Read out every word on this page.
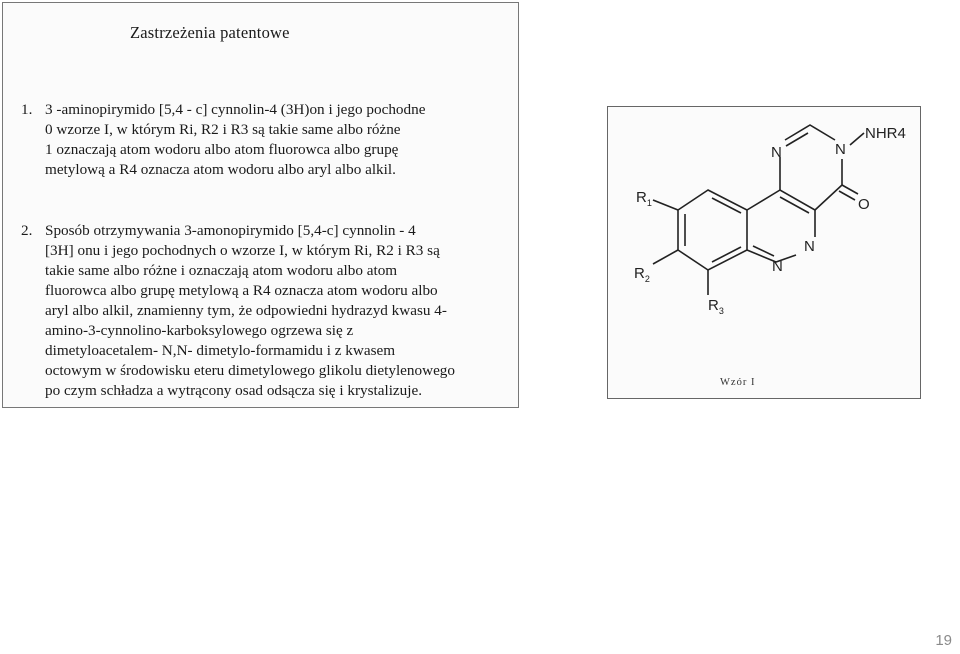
Zastrzeżenia patentowe
1. 3 -aminopirymido [5,4 - c] cynnolin-4 (3H)on i jego pochodne
0 wzorze I, w którym Ri, R2 i R3 są takie same albo różne
1 oznaczają atom wodoru albo atom fluorowca albo grupę
metylową a R4 oznacza atom wodoru albo aryl albo alkil.
2. Sposób otrzymywania 3-amonopirymido [5,4-c] cynnolin - 4
[3H] onu i jego pochodnych o wzorze I, w którym Ri, R2 i R3 są
takie same albo różne i oznaczają atom wodoru albo atom
fluorowca albo grupę metylową a R4 oznacza atom wodoru albo
aryl albo alkil, znamienny tym, że odpowiedni hydrazyd kwasu 4-
amino-3-cynnolino-karboksylowego ogrzewa się z
dimetyloacetalem- N,N- dimetylo-formamidu i z kwasem
octowym w środowisku eteru dimetylowego glikolu dietylenowego
po czym schładza a wytrącony osad odsącza się i krystalizuje.
N	N
NHR4
O
N
N
$R_1$
$R_2$
$R_3$
Wzór I
19
